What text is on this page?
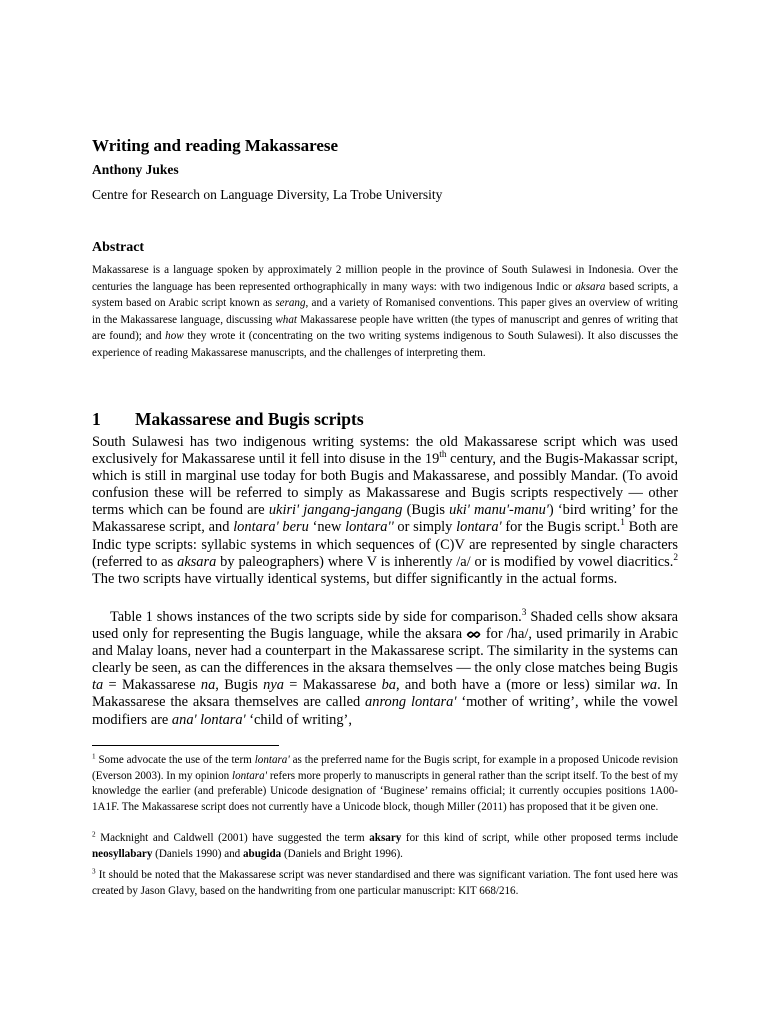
Writing and reading Makassarese
Anthony Jukes
Centre for Research on Language Diversity, La Trobe University
Abstract
Makassarese is a language spoken by approximately 2 million people in the province of South Sulawesi in Indonesia. Over the centuries the language has been represented orthographically in many ways: with two indigenous Indic or aksara based scripts, a system based on Arabic script known as serang, and a variety of Romanised conventions. This paper gives an overview of writing in the Makassarese language, discussing what Makassarese people have written (the types of manuscript and genres of writing that are found); and how they wrote it (concentrating on the two writing systems indigenous to South Sulawesi). It also discusses the experience of reading Makassarese manuscripts, and the challenges of interpreting them.
1 Makassarese and Bugis scripts
South Sulawesi has two indigenous writing systems: the old Makassarese script which was used exclusively for Makassarese until it fell into disuse in the 19th century, and the Bugis-Makassar script, which is still in marginal use today for both Bugis and Makassarese, and possibly Mandar. (To avoid confusion these will be referred to simply as Makassarese and Bugis scripts respectively — other terms which can be found are ukiri' jangang-jangang (Bugis uki' manu'-manu') ‘bird writing’ for the Makassarese script, and lontara' beru ‘new lontara'' or simply lontara' for the Bugis script.$^1$ Both are Indic type scripts: syllabic systems in which sequences of (C)V are represented by single characters (referred to as aksara by paleographers) where V is inherently /a/ or is modified by vowel diacritics.$^2$ The two scripts have virtually identical systems, but differ significantly in the actual forms.
Table 1 shows instances of the two scripts side by side for comparison.$^3$ Shaded cells show aksara used only for representing the Bugis language, while the aksara ᨖ for /ha/, used primarily in Arabic and Malay loans, never had a counterpart in the Makassarese script. The similarity in the systems can clearly be seen, as can the differences in the aksara themselves — the only close matches being Bugis ta = Makassarese na, Bugis nya = Makassarese ba, and both have a (more or less) similar wa. In Makassarese the aksara themselves are called anrong lontara' ‘mother of writing’, while the vowel modifiers are ana' lontara' ‘child of writing’,
$^1$ Some advocate the use of the term lontara' as the preferred name for the Bugis script, for example in a proposed Unicode revision (Everson 2003). In my opinion lontara' refers more properly to manuscripts in general rather than the script itself. To the best of my knowledge the earlier (and preferable) Unicode designation of ‘Buginese’ remains official; it currently occupies positions 1A00-1A1F. The Makassarese script does not currently have a Unicode block, though Miller (2011) has proposed that it be given one.
$^2$ Macknight and Caldwell (2001) have suggested the term aksary for this kind of script, while other proposed terms include neosyllabary (Daniels 1990) and abugida (Daniels and Bright 1996).
$^3$ It should be noted that the Makassarese script was never standardised and there was significant variation. The font used here was created by Jason Glavy, based on the handwriting from one particular manuscript: KIT 668/216.
